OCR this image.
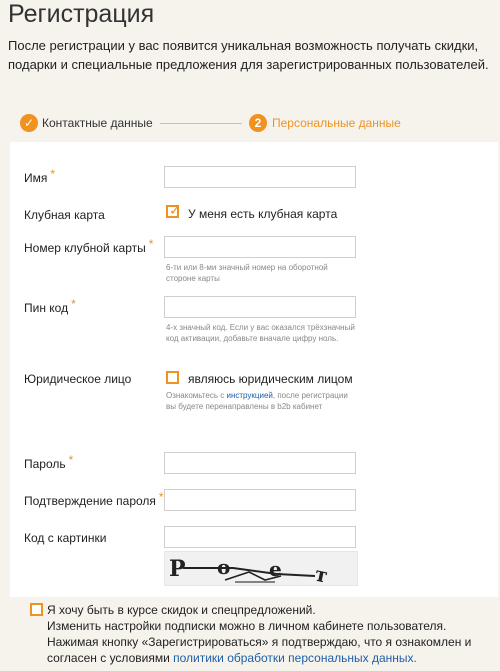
Регистрация

После регистрации у вас появится уникальная возможность получать скидки, подарки и специальные предложения для зарегистрированных пользователей.

✓ Контактные данные	2 Персональные данные
Имя *
Клубная карта	✓ У меня есть клубная карта
Номер клубной карты *
6-ти или 8-ми значный номер на оборотной стороне карты
Пин код *
4-х значный код. Если у вас оказался трёхзначный код активации, добавьте вначале цифру ноль.
Юридическое лицо	являюсь юридическим лицом
Ознакомьтесь с инструкцией, после регистрации вы будете перенаправлены в b2b кабинет
Пароль *
Подтверждение пароля *
Код с картинки
P o e т
Я хочу быть в курсе скидок и спецпредложений.
Изменить настройки подписки можно в личном кабинете пользователя.
Нажимая кнопку «Зарегистрироваться» я подтверждаю, что я ознакомлен и согласен с условиями политики обработки персональных данных.
